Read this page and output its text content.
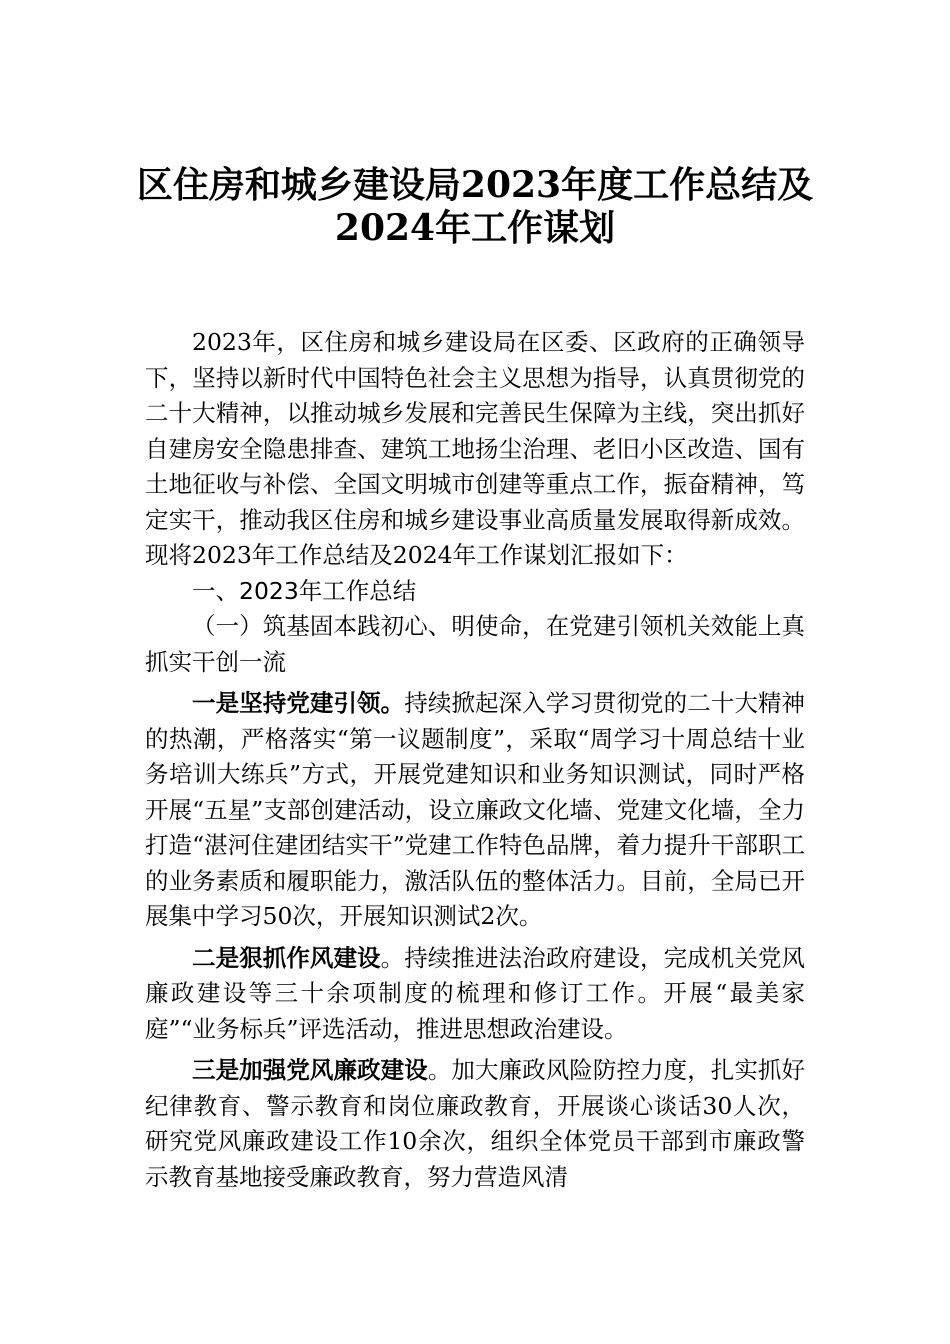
区住房和城乡建设局2023年度工作总结及
2024年工作谋划

2023年，区住房和城乡建设局在区委、区政府的正确领导下，坚持以新时代中国特色社会主义思想为指导，认真贯彻党的二十大精神，以推动城乡发展和完善民生保障为主线，突出抓好自建房安全隐患排查、建筑工地扬尘治理、老旧小区改造、国有土地征收与补偿、全国文明城市创建等重点工作，振奋精神，笃定实干，推动我区住房和城乡建设事业高质量发展取得新成效。现将2023年工作总结及2024年工作谋划汇报如下：

一、2023年工作总结

（一）筑基固本践初心、明使命，在党建引领机关效能上真抓实干创一流

一是坚持党建引领。持续掀起深入学习贯彻党的二十大精神的热潮，严格落实“第一议题制度”，采取“周学习十周总结十业务培训大练兵”方式，开展党建知识和业务知识测试，同时严格开展“五星”支部创建活动，设立廉政文化墙、党建文化墙，全力打造“湛河住建团结实干”党建工作特色品牌，着力提升干部职工的业务素质和履职能力，激活队伍的整体活力。目前，全局已开展集中学习50次，开展知识测试2次。

二是狠抓作风建设。持续推进法治政府建设，完成机关党风廉政建设等三十余项制度的梳理和修订工作。开展“最美家庭”“业务标兵”评选活动，推进思想政治建设。

三是加强党风廉政建设。加大廉政风险防控力度，扎实抓好纪律教育、警示教育和岗位廉政教育，开展谈心谈话30人次，研究党风廉政建设工作10余次，组织全体党员干部到市廉政警示教育基地接受廉政教育，努力营造风清
